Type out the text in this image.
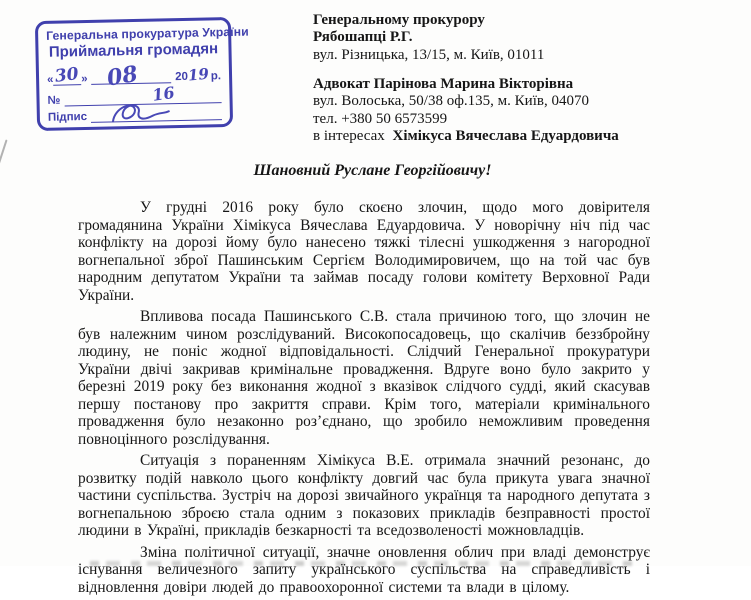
Генеральна прокуратура України
Приймальня громадян
« 30 » 08	20 19 р.
№	16
Підпис
Генеральному прокурору
Рябошапці Р.Г.
вул. Різницька, 13/15, м. Київ, 01011
Адвокат Парінова Марина Вікторівна
вул. Волоська, 50/38 оф.135, м. Київ, 04070
тел. +380 50 6573599
в інтересах Хімікуса Вячеслава Едуардовича
Шановний Руслане Георгійовичу!

У грудні 2016 року було скоєно злочин, щодо мого довірителя громадянина України Хімікуса Вячеслава Едуардовича. У новорічну ніч під час конфлікту на дорозі йому було нанесено тяжкі тілесні ушкодження з нагородної вогнепальної зброї Пашинським Сергієм Володимировичем, що на той час був народним депутатом України та займав посаду голови комітету Верховної Ради України.

Впливова посада Пашинського С.В. стала причиною того, що злочин не був належним чином розслідуваний. Високопосадовець, що скалічив беззбройну людину, не поніс жодної відповідальності. Слідчий Генеральної прокуратури України двічі закривав кримінальне провадження. Вдруге воно було закрито у березні 2019 року без виконання жодної з вказівок слідчого судді, який скасував першу постанову про закриття справи. Крім того, матеріали кримінального провадження було незаконно роз’єднано, що зробило неможливим проведення повноцінного розслідування.

Ситуація з пораненням Хімікуса В.Е. отримала значний резонанс, до розвитку подій навколо цього конфлікту довгий час була прикута увага значної частини суспільства. Зустріч на дорозі звичайного українця та народного депутата з вогнепальною зброєю стала одним з показових прикладів безправності простої людини в Україні, прикладів безкарності та вседозволеності можновладців.

Зміна політичної ситуації, значне оновлення облич при владі демонструє існування величезного запиту українського суспільства на справедливість і відновлення довіри людей до правоохоронної системи та влади в цілому.
